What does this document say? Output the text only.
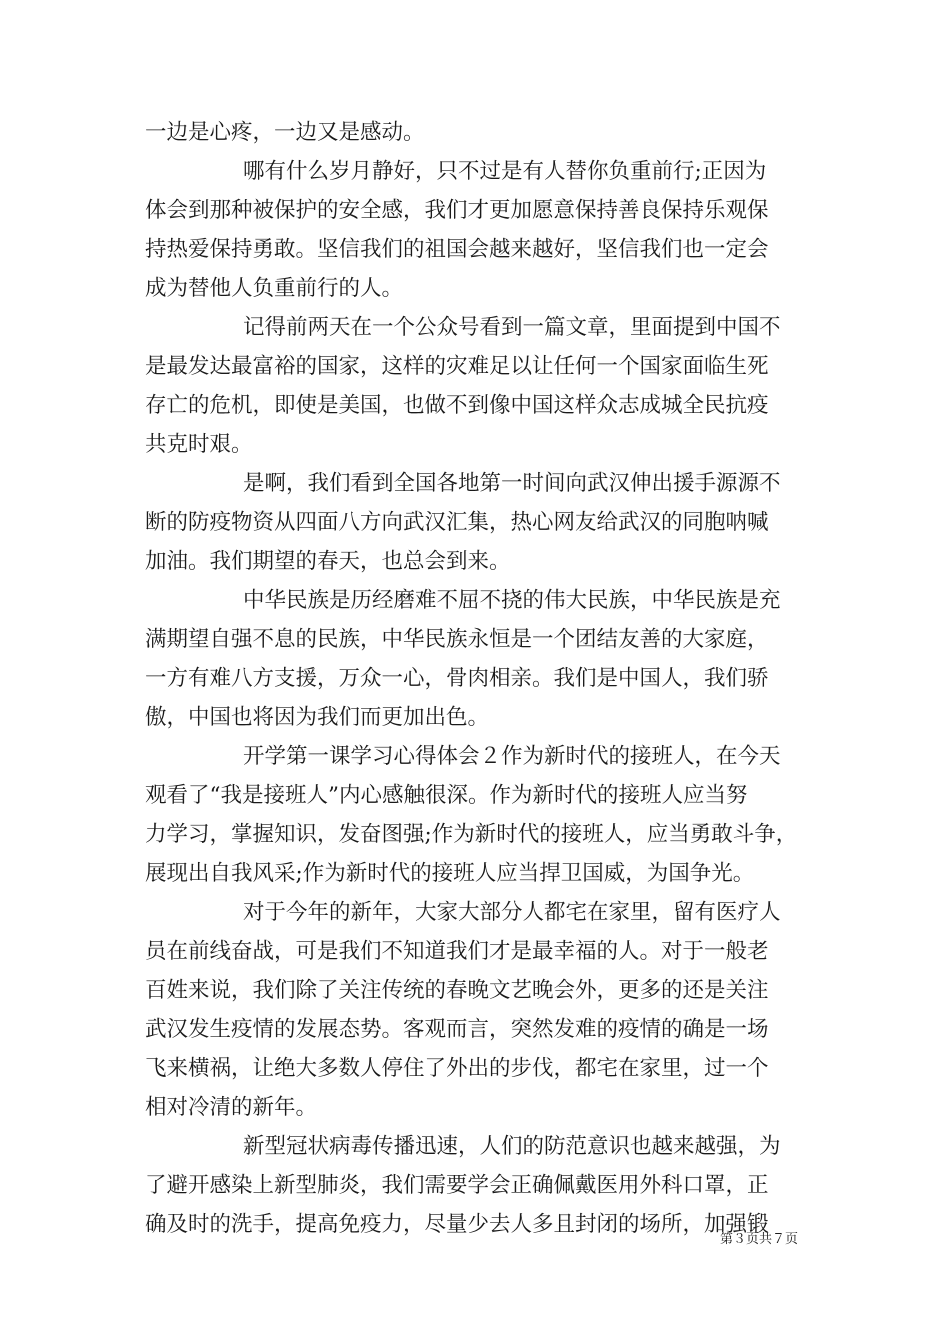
一边是心疼，一边又是感动。
哪有什么岁月静好，只不过是有人替你负重前行;正因为
体会到那种被保护的安全感，我们才更加愿意保持善良保持乐观保
持热爱保持勇敢。坚信我们的祖国会越来越好，坚信我们也一定会
成为替他人负重前行的人。
记得前两天在一个公众号看到一篇文章，里面提到中国不
是最发达最富裕的国家，这样的灾难足以让任何一个国家面临生死
存亡的危机，即使是美国，也做不到像中国这样众志成城全民抗疫
共克时艰。
是啊，我们看到全国各地第一时间向武汉伸出援手源源不
断的防疫物资从四面八方向武汉汇集，热心网友给武汉的同胞呐喊
加油。我们期望的春天，也总会到来。
中华民族是历经磨难不屈不挠的伟大民族，中华民族是充
满期望自强不息的民族，中华民族永恒是一个团结友善的大家庭，
一方有难八方支援，万众一心，骨肉相亲。我们是中国人，我们骄
傲，中国也将因为我们而更加出色。
开学第一课学习心得体会２作为新时代的接班人，在今天
观看了“我是接班人”内心感触很深。作为新时代的接班人应当努
力学习，掌握知识，发奋图强;作为新时代的接班人，应当勇敢斗争，
展现出自我风采;作为新时代的接班人应当捍卫国威，为国争光。
对于今年的新年，大家大部分人都宅在家里，留有医疗人
员在前线奋战，可是我们不知道我们才是最幸福的人。对于一般老
百姓来说，我们除了关注传统的春晚文艺晚会外，更多的还是关注
武汉发生疫情的发展态势。客观而言，突然发难的疫情的确是一场
飞来横祸，让绝大多数人停住了外出的步伐，都宅在家里，过一个
相对冷清的新年。
新型冠状病毒传播迅速，人们的防范意识也越来越强，为
了避开感染上新型肺炎，我们需要学会正确佩戴医用外科口罩，正
确及时的洗手，提高免疫力，尽量少去人多且封闭的场所，加强锻
第３页共７页
